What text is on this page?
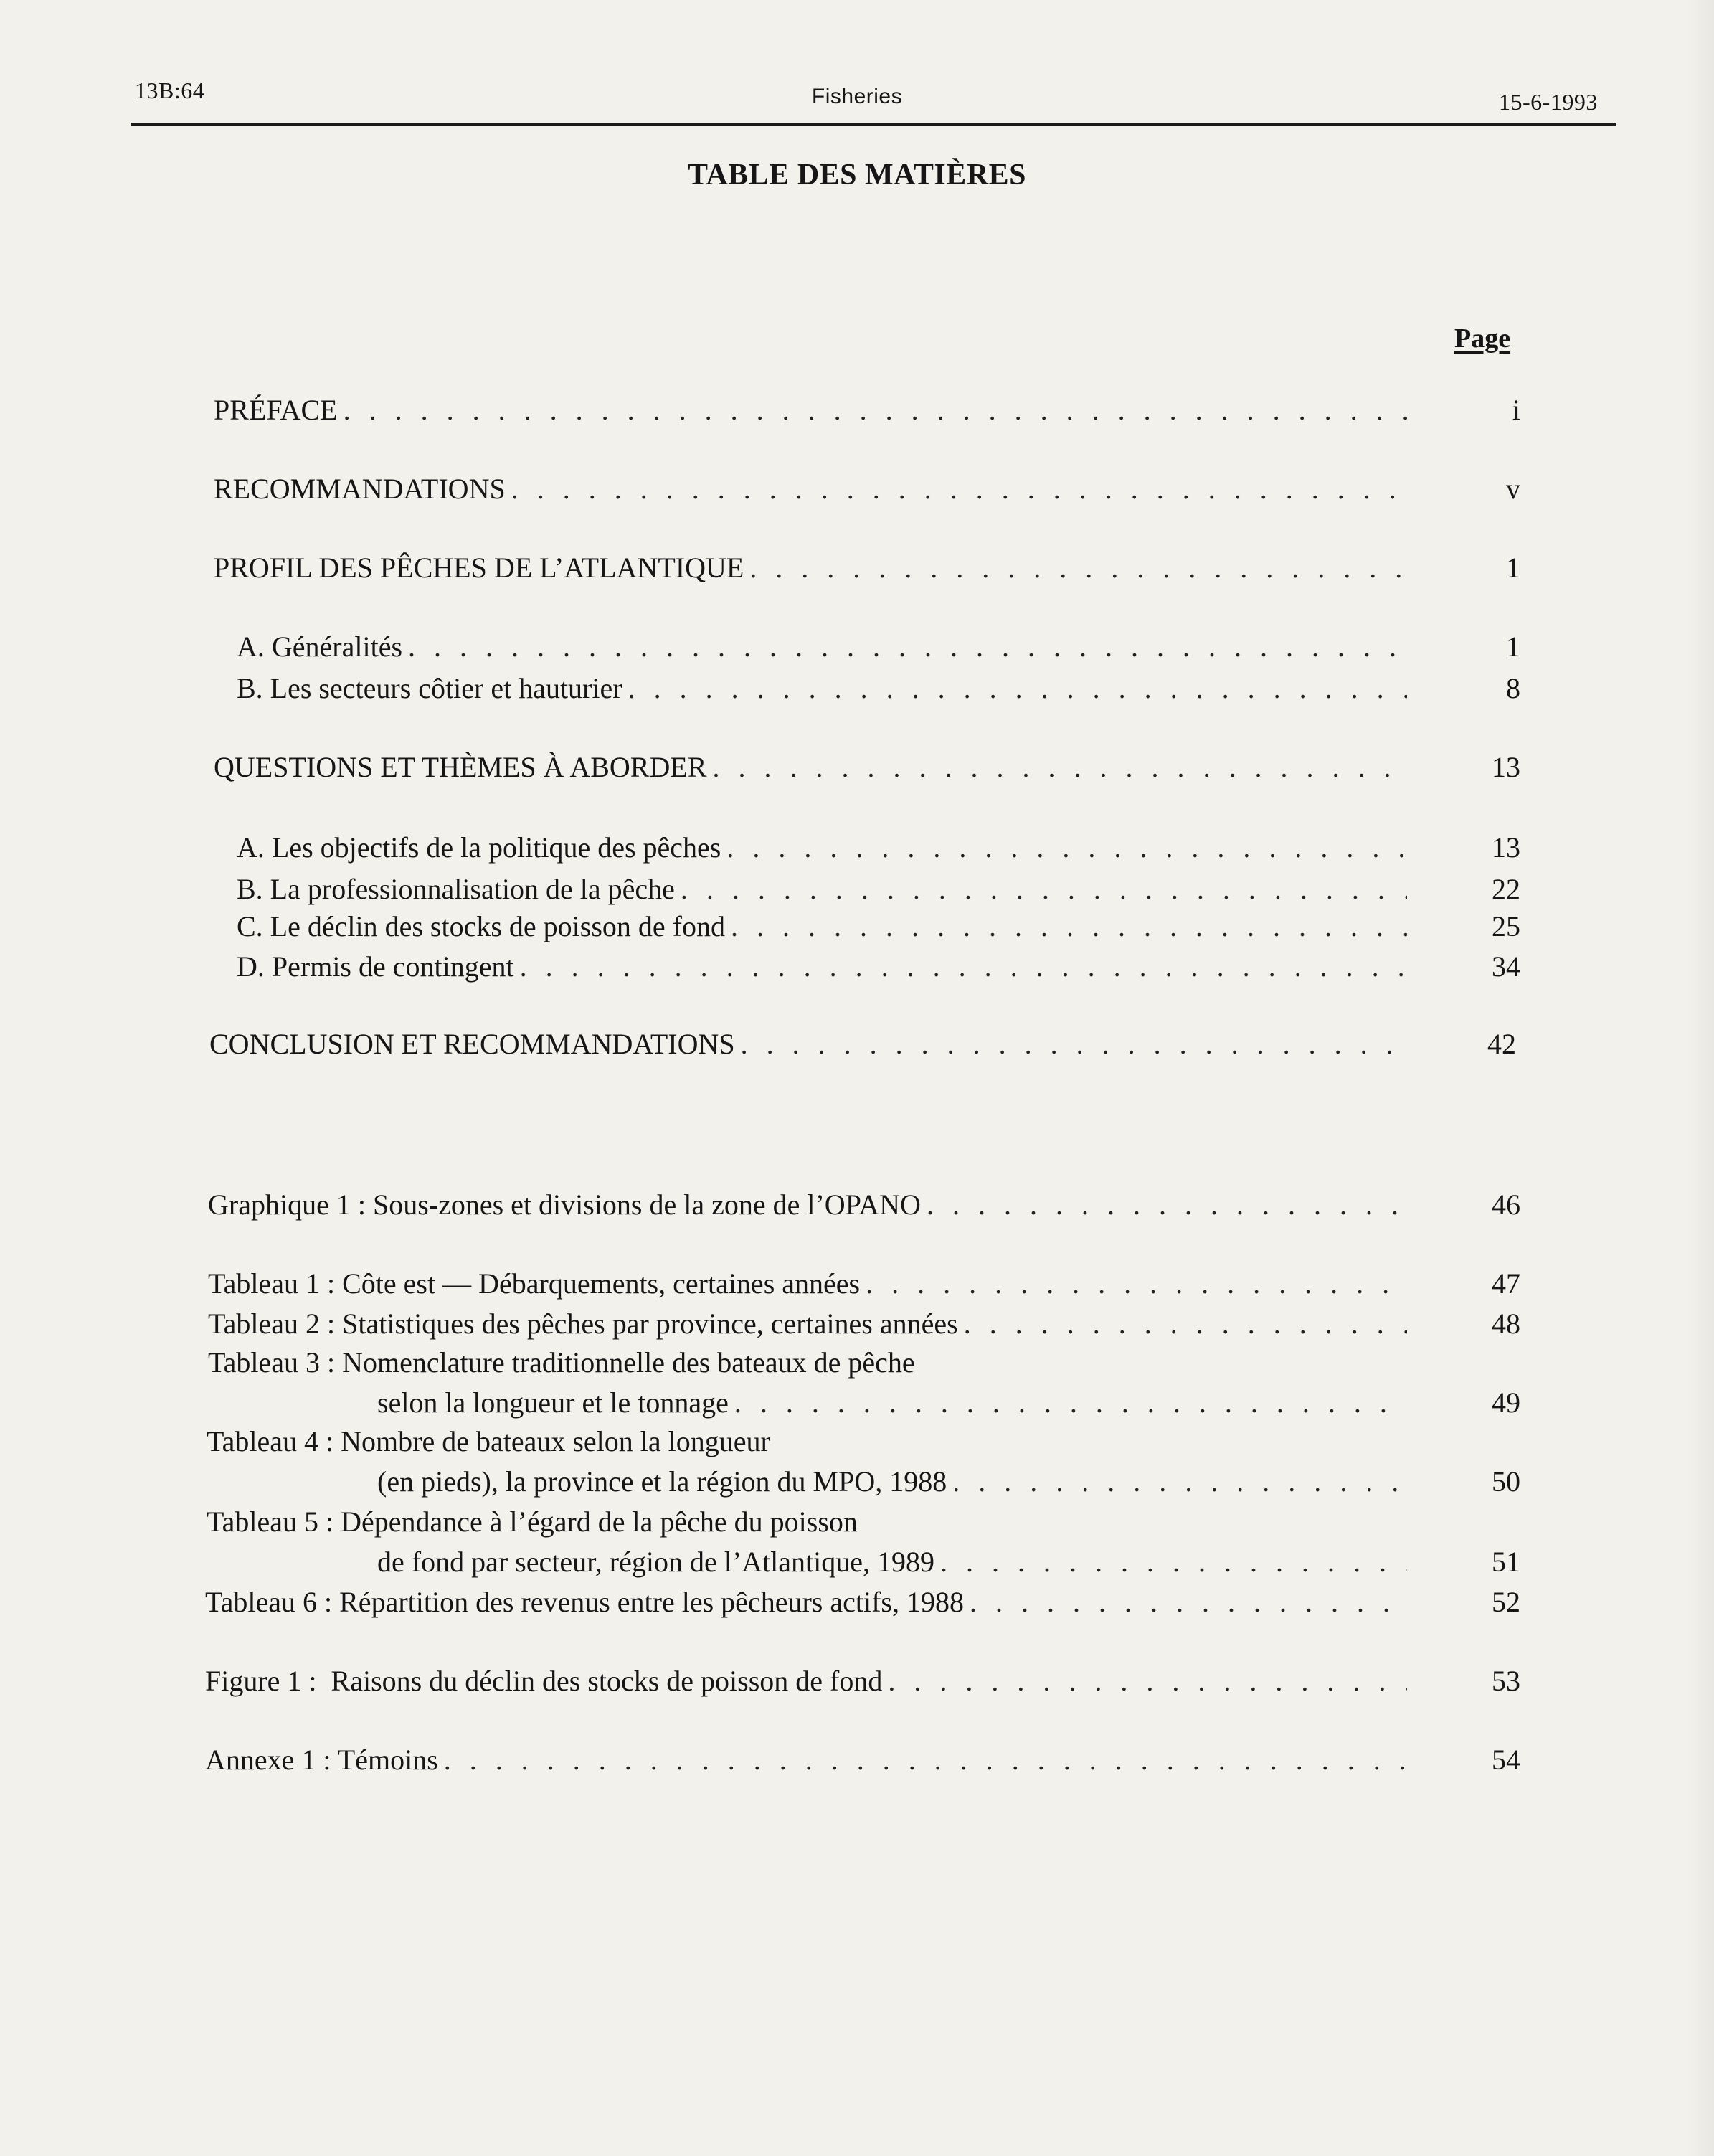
13B:64	Fisheries	15-6-1993
TABLE DES MATIÈRES
Page
PRÉFACE . . .	i
RECOMMANDATIONS . . .	v
PROFIL DES PÊCHES DE L’ATLANTIQUE . . .	1
A. Généralités . . .	1
B. Les secteurs côtier et hauturier . . .	8
QUESTIONS ET THÈMES À ABORDER . . .	13
A. Les objectifs de la politique des pêches . . .	13
B. La professionnalisation de la pêche . . .	22
C. Le déclin des stocks de poisson de fond . . .	25
D. Permis de contingent . . .	34
CONCLUSION ET RECOMMANDATIONS . . .	42
Graphique 1 : Sous-zones et divisions de la zone de l’OPANO . . .	46
Tableau 1 : Côte est — Débarquements, certaines années . . .	47
Tableau 2 : Statistiques des pêches par province, certaines années . . .	48
Tableau 3 : Nomenclature traditionnelle des bateaux de pêche
selon la longueur et le tonnage . . .	49
Tableau 4 : Nombre de bateaux selon la longueur
(en pieds), la province et la région du MPO, 1988 . . .	50
Tableau 5 : Dépendance à l’égard de la pêche du poisson
de fond par secteur, région de l’Atlantique, 1989 . . .	51
Tableau 6 : Répartition des revenus entre les pêcheurs actifs, 1988 . . .	52
Figure 1 :  Raisons du déclin des stocks de poisson de fond . . .	53
Annexe 1 : Témoins . . .	54
